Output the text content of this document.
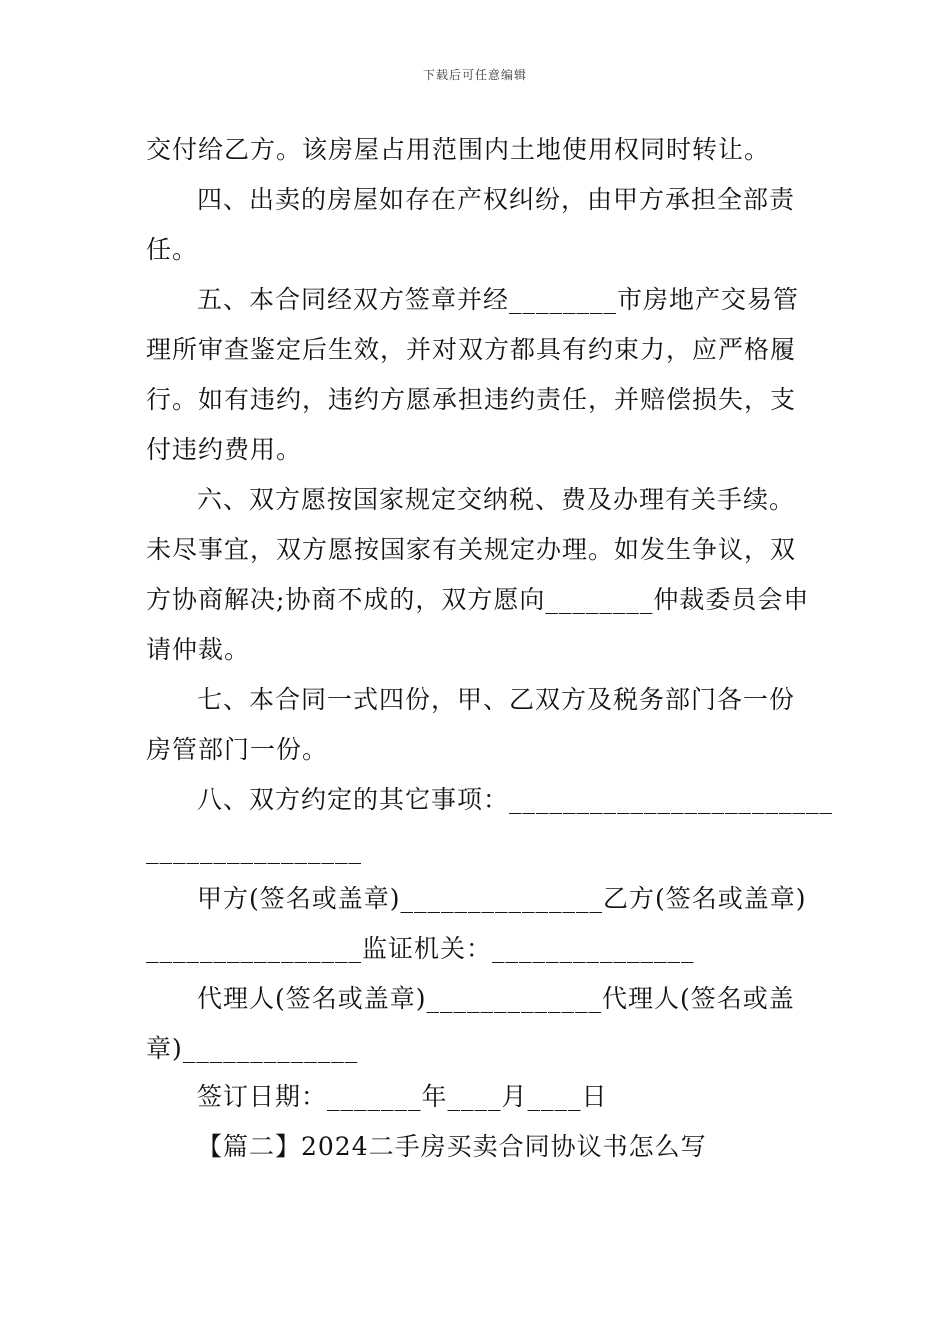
下载后可任意编辑
交付给乙方。该房屋占用范围内土地使用权同时转让。
四、出卖的房屋如存在产权纠纷，由甲方承担全部责
任。
五、本合同经双方签章并经________市房地产交易管
理所审查鉴定后生效，并对双方都具有约束力，应严格履
行。如有违约，违约方愿承担违约责任，并赔偿损失，支
付违约费用。
六、双方愿按国家规定交纳税、费及办理有关手续。
未尽事宜，双方愿按国家有关规定办理。如发生争议，双
方协商解决;协商不成的，双方愿向________仲裁委员会申
请仲裁。
七、本合同一式四份，甲、乙双方及税务部门各一份
房管部门一份。
八、双方约定的其它事项：________________________
________________
甲方(签名或盖章)_______________乙方(签名或盖章)
________________监证机关：_______________
代理人(签名或盖章)_____________代理人(签名或盖
章)_____________
签订日期：_______年____月____日
【篇二】2024二手房买卖合同协议书怎么写
